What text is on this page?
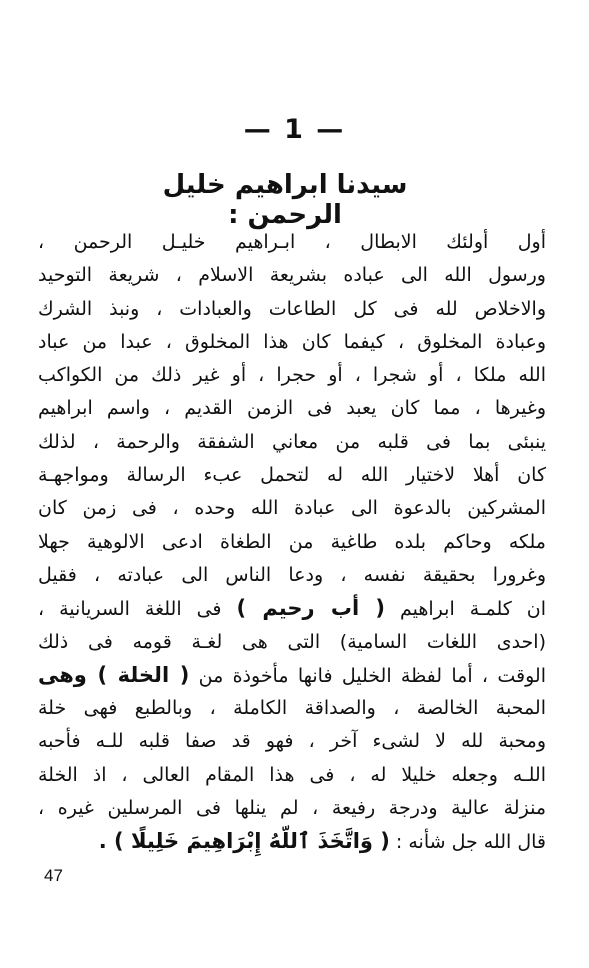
— 1 —
سيدنا ابراهيم خليل الرحمن :
أول أولئك الابطال ، ابـراهيم خليـل الرحمن ،
ورسول الله الى عباده بشريعة الاسلام ، شريعة التوحيد
والاخلاص لله فى كل الطاعات والعبادات ، ونبذ الشرك
وعبادة المخلوق ، كيفما كان هذا المخلوق ، عبدا من عباد
الله ملكا ، أو شجرا ، أو حجرا ، أو غير ذلك من الكواكب
وغيرها ، مما كان يعبد فى الزمن القديم ، واسم ابراهيم
ينبئى بما فى قلبه من معاني الشفقة والرحمة ، لذلك
كان أهلا لاختيار الله له لتحمل عبء الرسالة ومواجهـة
المشركين بالدعوة الى عبادة الله وحده ، فى زمن كان
ملكه وحاكم بلده طاغية من الطغاة ادعى الالوهية جهلا
وغرورا بحقيقة نفسه ، ودعا الناس الى عبادته ، فقيل
ان كلمـة ابراهيم ( أب رحيم ) فى اللغة السريانية ،
(احدى اللغات السامية) التى هى لغـة قومه فى ذلك
الوقت ، أما لفظة الخليل فانها مأخوذة من ( الخلة ) وهى
المحبة الخالصة ، والصداقة الكاملة ، وبالطبع فهى خلة
ومحبة لله لا لشىء آخر ، فهو قد صفا قلبه للـه فأحبه
اللـه وجعله خليلا له ، فى هذا المقام العالى ، اذ الخلة
منزلة عالية ودرجة رفيعة ، لم ينلها فى المرسلين غيره ،
قال الله جل شأنه : ( وَاتَّخَذَ ٱللَّهُ إِبْرَاهِيمَ خَلِيلًا ) .
47
